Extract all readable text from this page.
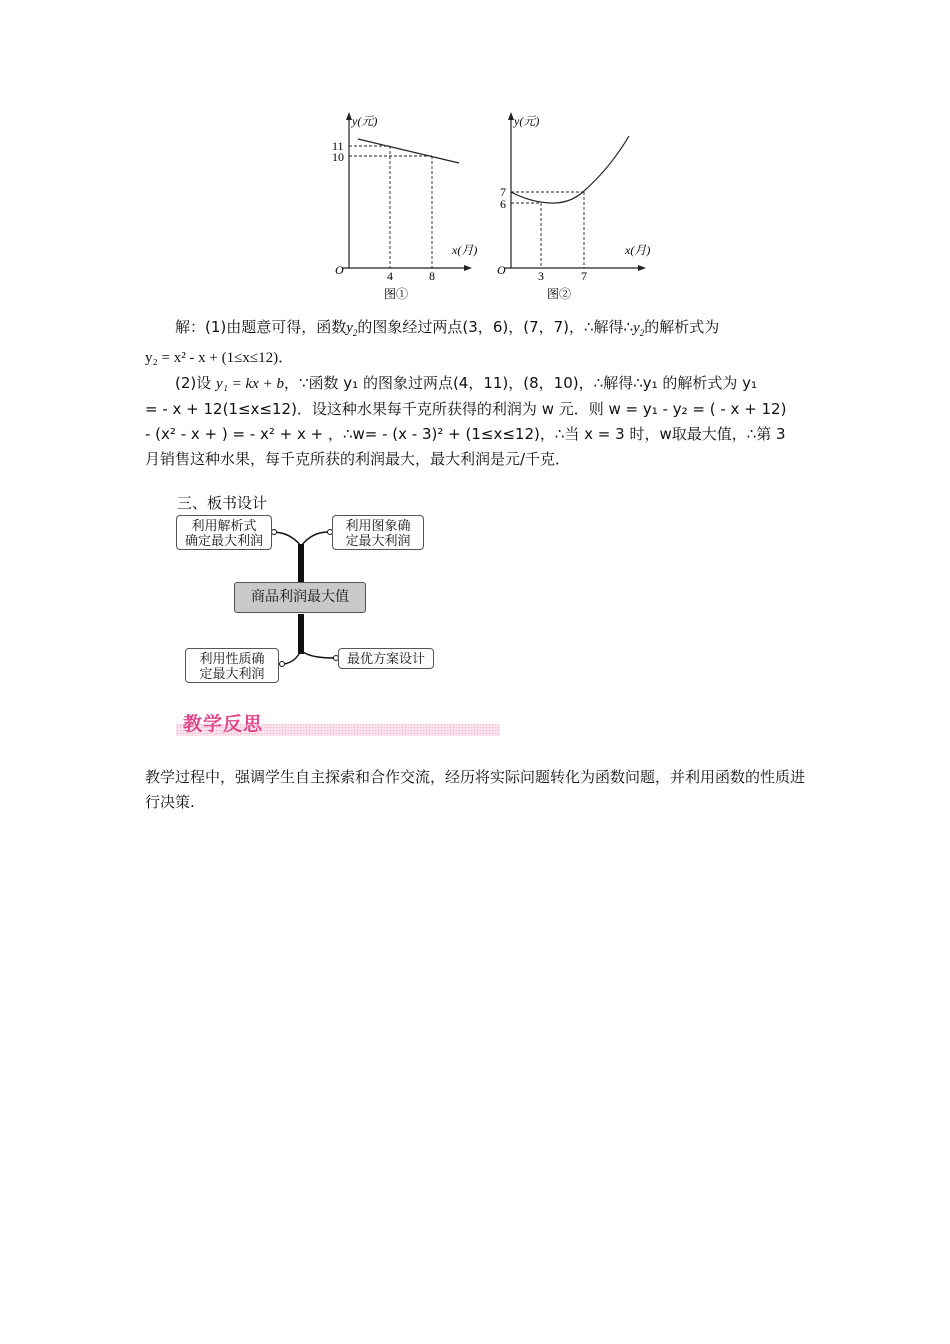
y(元)
x(月)
O
11
10
4	8
图①
y(元)
x(月)
O
7
6
3	7
图②

解：(1)由题意可得，函数$y_2$的图象经过两点(3，6)，(7，7)，∴解得$\therefore y_2$的解析式为

y₂ = x² - x + (1≤x≤12)．

(2)设 y₁ = kx + b，∵函数 y₁ 的图象过两点(4，11)，(8，10)，∴解得∴y₁ 的解析式为 y₁

= - x + 12(1≤x≤12)．设这种水果每千克所获得的利润为 w 元．则 w = y₁ - y₂ = ( - x + 12)

- (x² - x + ) = - x² + x + ，∴w= - (x - 3)² + (1≤x≤12)，∴当 x = 3 时，w取最大值，∴第 3

月销售这种水果，每千克所获的利润最大，最大利润是元/千克．

三、板书设计
利用解析式
确定最大利润
利用图象确
定最大利润
商品利润最大值
利用性质确
定最大利润
最优方案设计
教学反思
教学过程中，强调学生自主探索和合作交流，经历将实际问题转化为函数问题，并利用函数的性质进行决策.
